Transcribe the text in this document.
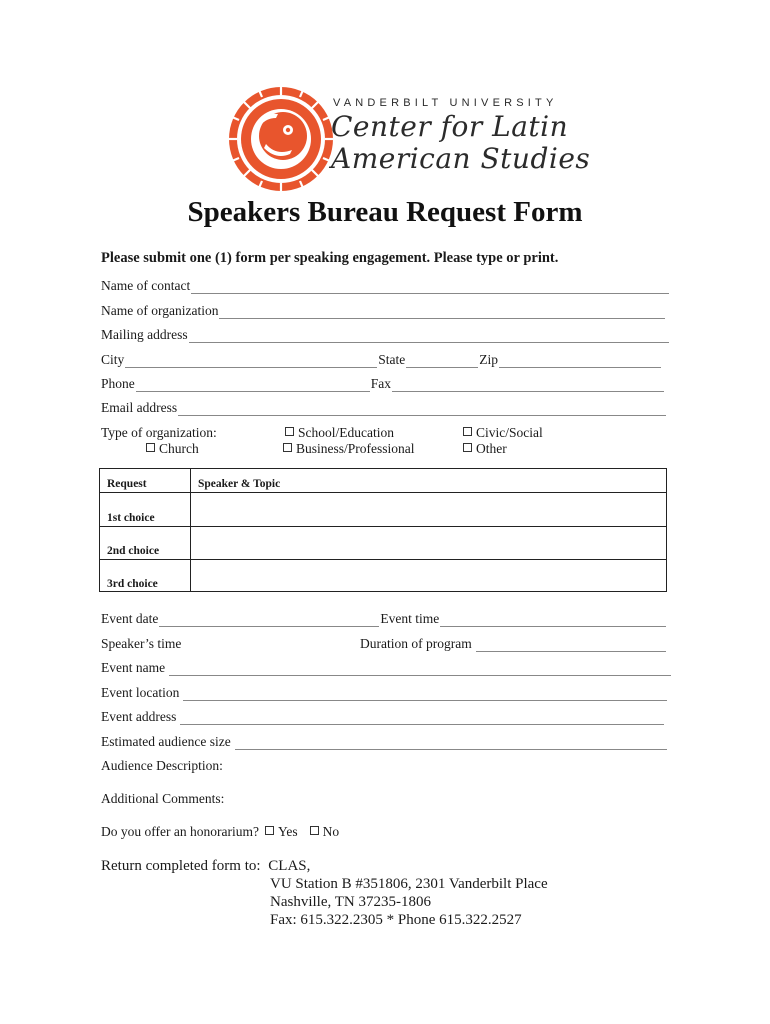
VANDERBILT UNIVERSITY
Center for Latin
American Studies
Speakers Bureau Request Form
Please submit one (1) form per speaking engagement. Please type or print.
Name of contact
Name of organization
Mailing address
City	State	Zip
Phone	Fax
Email address
Type of organization:	School/Education	Civic/Social
Church	Business/Professional	Other
Request	Speaker & Topic
1st choice
2nd choice
3rd choice
Event date	Event time
Speaker’s time	Duration of program
Event name
Event location
Event address
Estimated audience size
Audience Description:
Additional Comments:
Do you offer an honorarium?	Yes	No
Return completed form to: CLAS,
VU Station B #351806, 2301 Vanderbilt Place
Nashville, TN 37235-1806
Fax: 615.322.2305 * Phone 615.322.2527
